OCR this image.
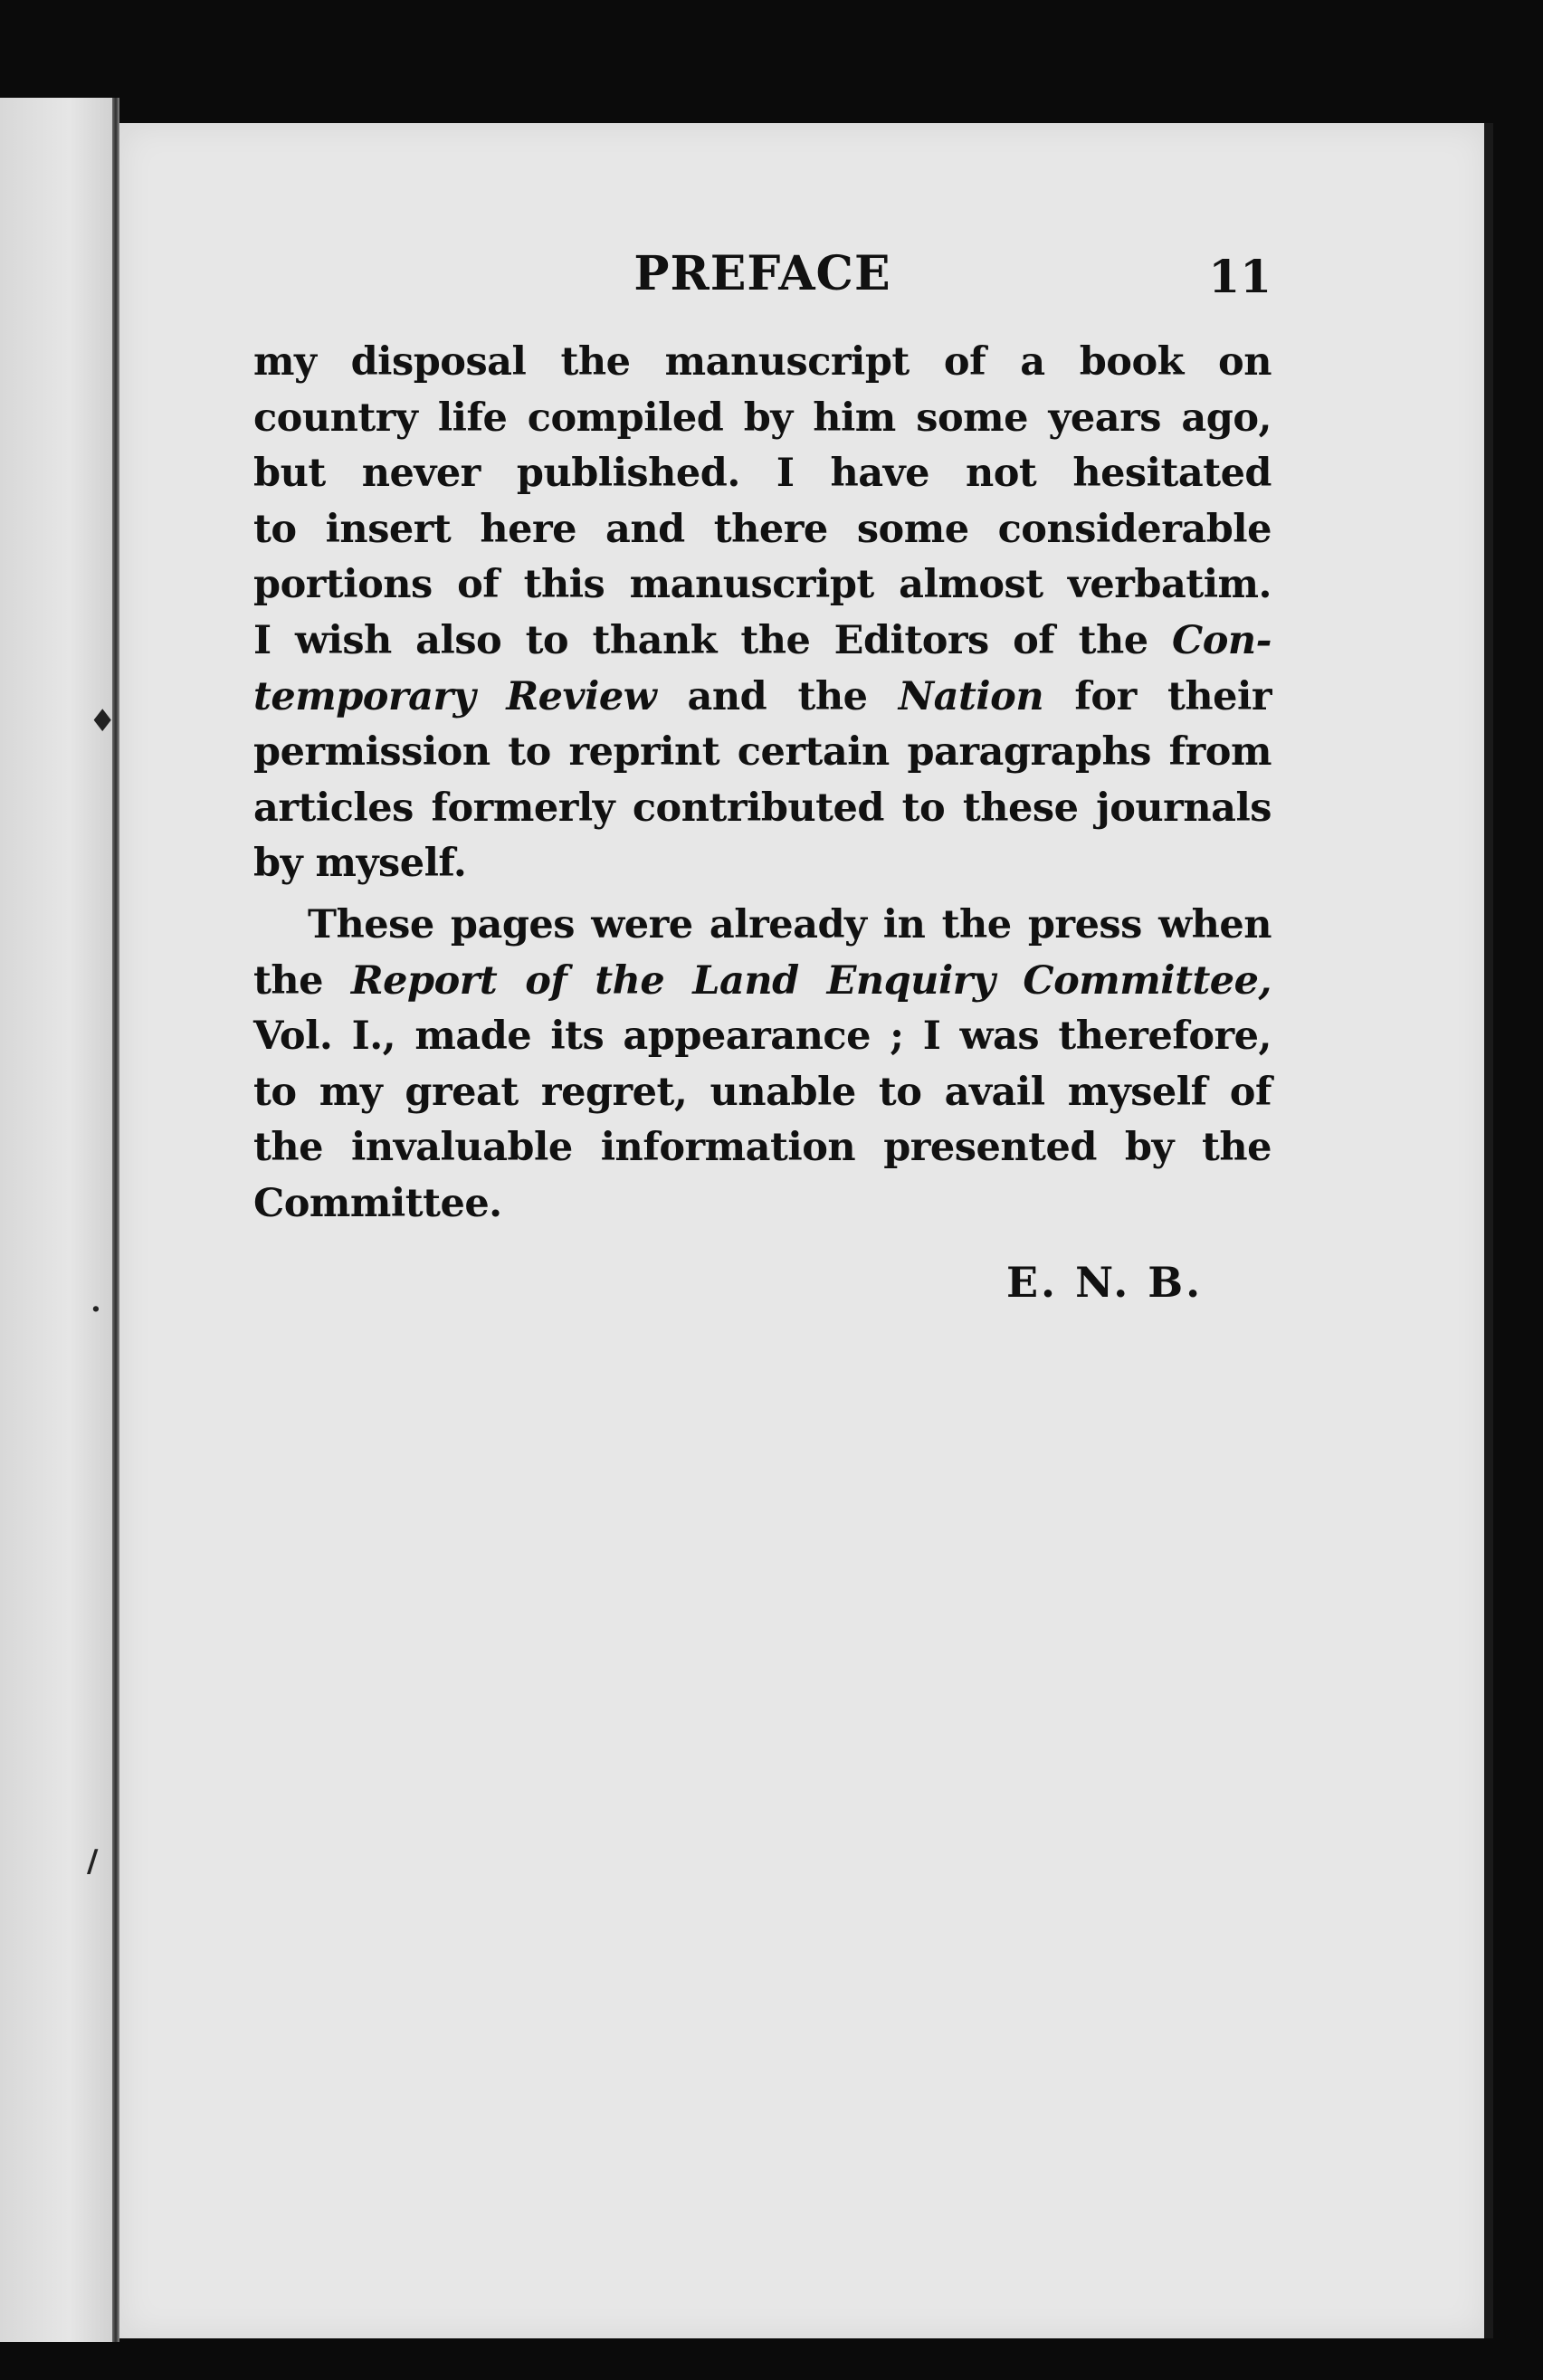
♦
·
/
PREFACE	11
my disposal the manuscript of a book on
country life compiled by him some years ago,
but never published. I have not hesitated
to insert here and there some considerable
portions of this manuscript almost verbatim.
I wish also to thank the Editors of the Con-
temporary Review and the Nation for their
permission to reprint certain paragraphs from
articles formerly contributed to these journals
by myself.
These pages were already in the press when
the Report of the Land Enquiry Committee,
Vol. I., made its appearance ; I was therefore,
to my great regret, unable to avail myself of
the invaluable information presented by the
Committee.
E. N. B.
